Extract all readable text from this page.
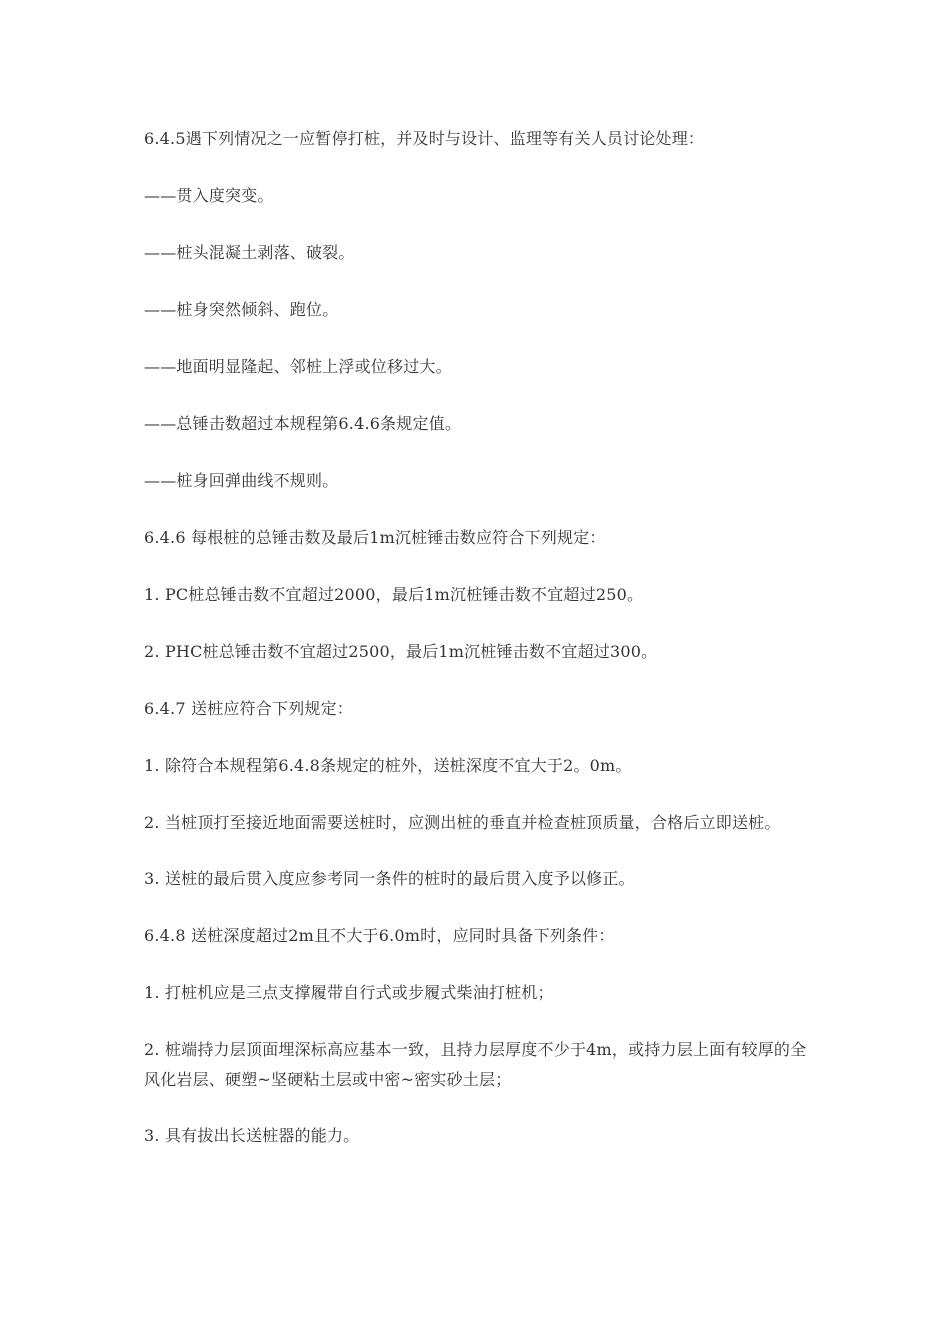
6.4.5遇下列情况之一应暂停打桩，并及时与设计、监理等有关人员讨论处理：

——贯入度突变。

——桩头混凝土剥落、破裂。

——桩身突然倾斜、跑位。

——地面明显隆起、邻桩上浮或位移过大。

——总锤击数超过本规程第6.4.6条规定值。

——桩身回弹曲线不规则。

6.4.6 每根桩的总锤击数及最后1m沉桩锤击数应符合下列规定：

1. PC桩总锤击数不宜超过2000，最后1m沉桩锤击数不宜超过250。

2. PHC桩总锤击数不宜超过2500，最后1m沉桩锤击数不宜超过300。

6.4.7 送桩应符合下列规定：

1. 除符合本规程第6.4.8条规定的桩外，送桩深度不宜大于2。0m。

2. 当桩顶打至接近地面需要送桩时，应测出桩的垂直并检查桩顶质量，合格后立即送桩。

3. 送桩的最后贯入度应参考同一条件的桩时的最后贯入度予以修正。

6.4.8 送桩深度超过2m且不大于6.0m时，应同时具备下列条件：

1. 打桩机应是三点支撑履带自行式或步履式柴油打桩机；

2. 桩端持力层顶面埋深标高应基本一致，且持力层厚度不少于4m，或持力层上面有较厚的全风化岩层、硬塑~坚硬粘土层或中密~密实砂土层；

3. 具有拔出长送桩器的能力。
